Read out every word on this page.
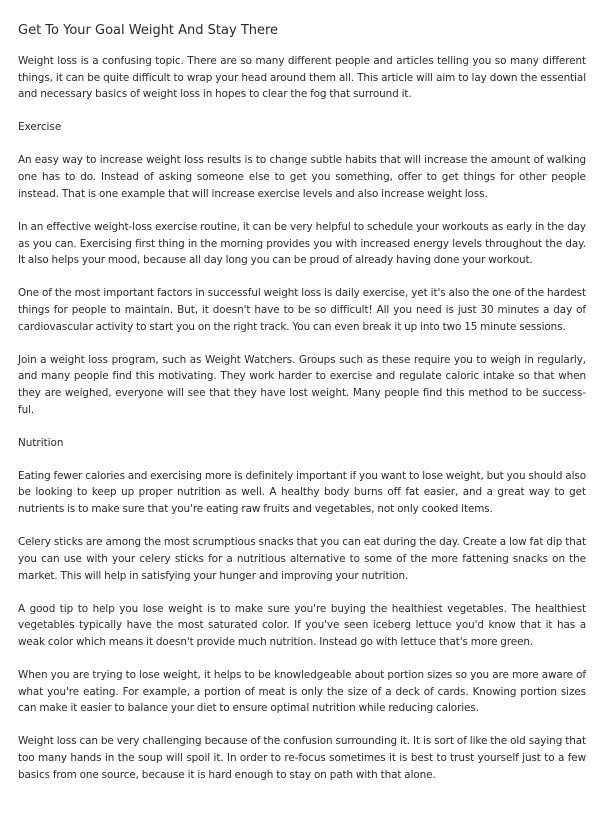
Get To Your Goal Weight And Stay There

Weight loss is a confusing topic. There are so many different people and articles telling you so many different things, it can be quite difficult to wrap your head around them all. This article will aim to lay down the essential and necessary basics of weight loss in hopes to clear the fog that surround it.

Exercise

An easy way to increase weight loss results is to change subtle habits that will increase the amount of walking one has to do. Instead of asking someone else to get you something, offer to get things for other people instead. That is one example that will increase exercise levels and also increase weight loss.

In an effective weight-loss exercise routine, it can be very helpful to schedule your workouts as early in the day as you can. Exercising first thing in the morning provides you with increased energy levels throughout the day. It also helps your mood, because all day long you can be proud of already having done your workout.

One of the most important factors in successful weight loss is daily exercise, yet it's also the one of the hardest things for people to maintain. But, it doesn't have to be so difficult! All you need is just 30 minutes a day of cardiovascular activity to start you on the right track. You can even break it up into two 15 minute sessions.

Join a weight loss program, such as Weight Watchers. Groups such as these require you to weigh in regularly, and many people find this motivating. They work harder to exercise and regulate caloric intake so that when they are weighed, everyone will see that they have lost weight. Many people find this method to be success-ful.

Nutrition

Eating fewer calories and exercising more is definitely important if you want to lose weight, but you should also be looking to keep up proper nutrition as well. A healthy body burns off fat easier, and a great way to get nutrients is to make sure that you're eating raw fruits and vegetables, not only cooked items.

Celery sticks are among the most scrumptious snacks that you can eat during the day. Create a low fat dip that you can use with your celery sticks for a nutritious alternative to some of the more fattening snacks on the market. This will help in satisfying your hunger and improving your nutrition.

A good tip to help you lose weight is to make sure you're buying the healthiest vegetables. The healthiest vegetables typically have the most saturated color. If you've seen iceberg lettuce you'd know that it has a weak color which means it doesn't provide much nutrition. Instead go with lettuce that's more green.

When you are trying to lose weight, it helps to be knowledgeable about portion sizes so you are more aware of what you're eating. For example, a portion of meat is only the size of a deck of cards. Knowing portion sizes can make it easier to balance your diet to ensure optimal nutrition while reducing calories.

Weight loss can be very challenging because of the confusion surrounding it. It is sort of like the old saying that too many hands in the soup will spoil it. In order to re-focus sometimes it is best to trust yourself just to a few basics from one source, because it is hard enough to stay on path with that alone.
